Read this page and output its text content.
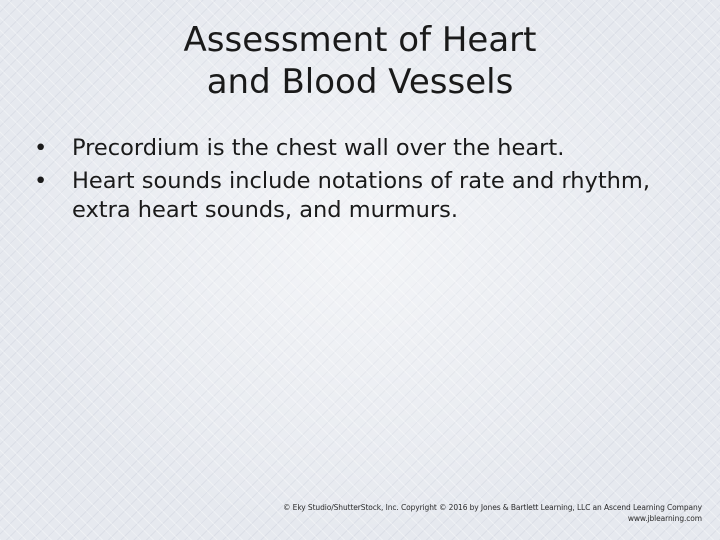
Assessment of Heart
and Blood Vessels
• Precordium is the chest wall over the heart.
• Heart sounds include notations of rate and rhythm, extra heart sounds, and murmurs.
© Eky Studio/ShutterStock, Inc. Copyright © 2016 by Jones & Bartlett Learning, LLC an Ascend Learning Company
www.jblearning.com
